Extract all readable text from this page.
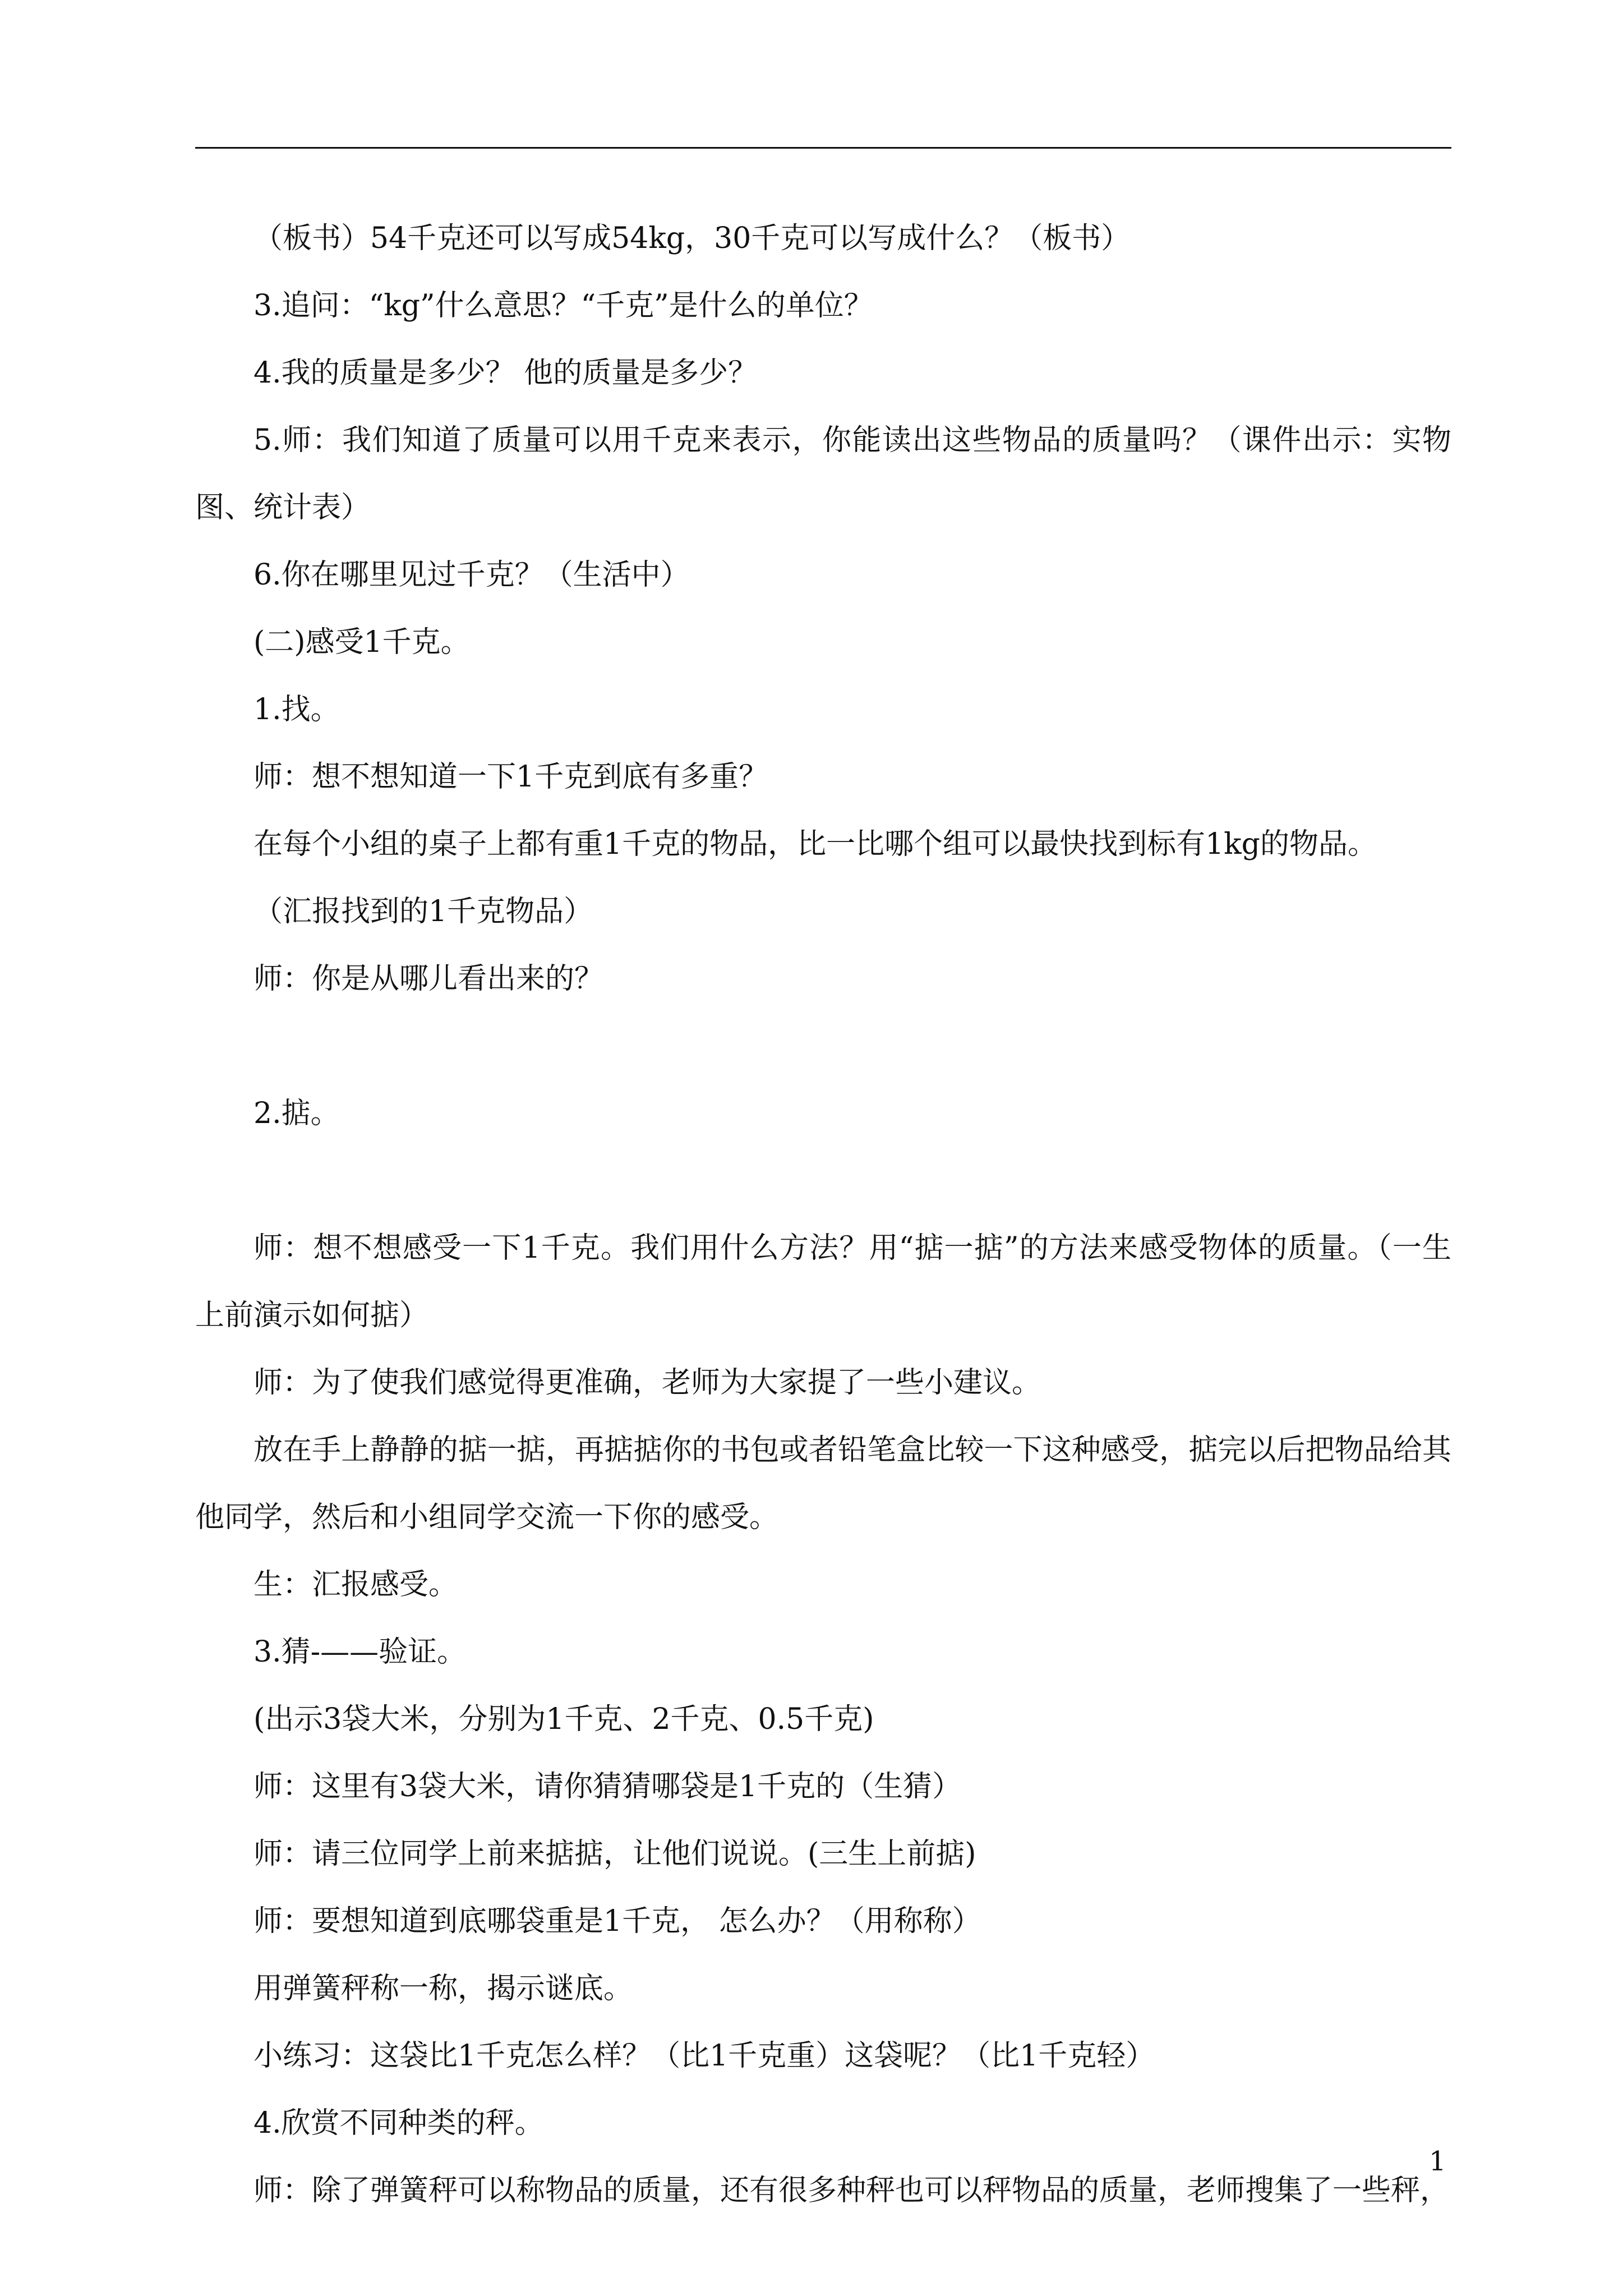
（板书）54千克还可以写成54kg，30千克可以写成什么？（板书）

3.追问：“kg”什么意思？“千克”是什么的单位？

4.我的质量是多少？ 他的质量是多少？

5.师：我们知道了质量可以用千克来表示，你能读出这些物品的质量吗？（课件出示：实物图、统计表）

6.你在哪里见过千克？（生活中）

(二)感受1千克。

1.找。

师：想不想知道一下1千克到底有多重？

在每个小组的桌子上都有重1千克的物品，比一比哪个组可以最快找到标有1kg的物品。

（汇报找到的1千克物品）

师：你是从哪儿看出来的？

2.掂。

师：想不想感受一下1千克。我们用什么方法？用“掂一掂”的方法来感受物体的质量。（一生上前演示如何掂）

师：为了使我们感觉得更准确，老师为大家提了一些小建议。

放在手上静静的掂一掂，再掂掂你的书包或者铅笔盒比较一下这种感受，掂完以后把物品给其他同学，然后和小组同学交流一下你的感受。

生：汇报感受。

3.猜-——验证。

(出示3袋大米，分别为1千克、2千克、0.5千克)

师：这里有3袋大米，请你猜猜哪袋是1千克的（生猜）

师：请三位同学上前来掂掂，让他们说说。(三生上前掂)

师：要想知道到底哪袋重是1千克， 怎么办？（用称称）

用弹簧秤称一称，揭示谜底。

小练习：这袋比1千克怎么样？（比1千克重）这袋呢？（比1千克轻）

4.欣赏不同种类的秤。

师：除了弹簧秤可以称物品的质量，还有很多种秤也可以秤物品的质量，老师搜集了一些秤，

1
